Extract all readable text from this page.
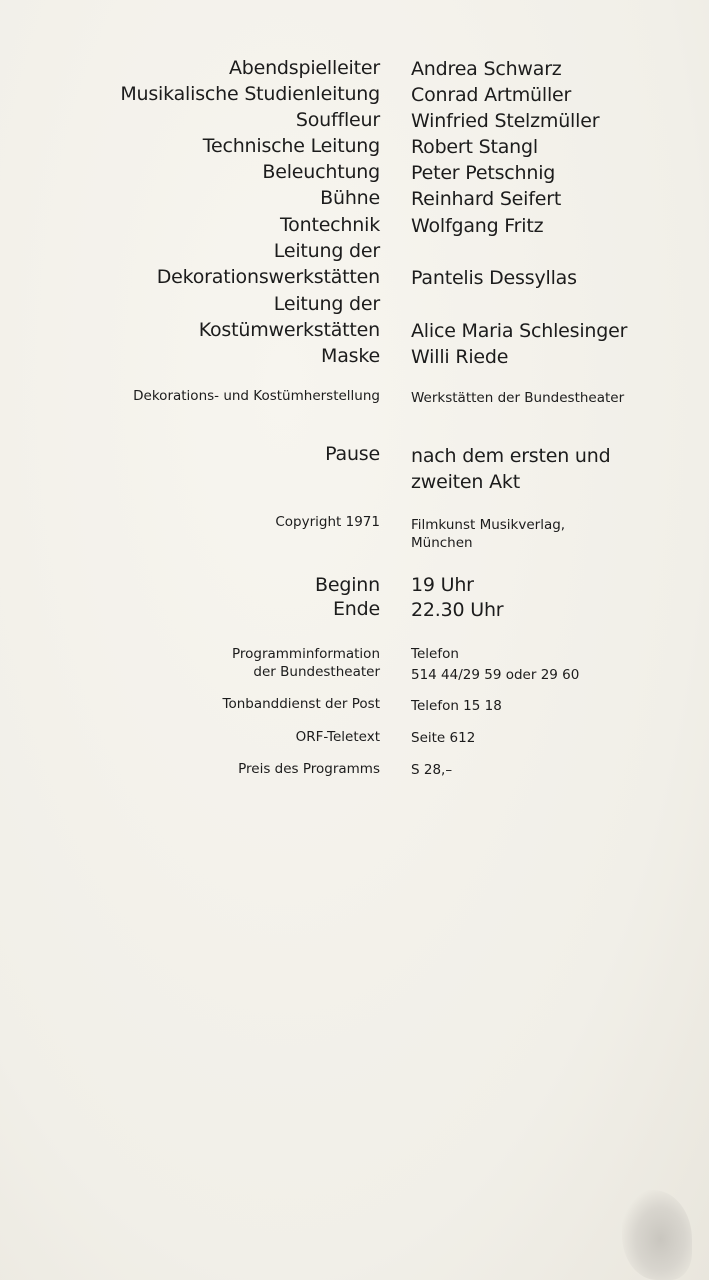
Abendspielleiter Andrea Schwarz
Musikalische Studienleitung Conrad Artmüller
Souffleur Winfried Stelzmüller
Technische Leitung Robert Stangl
Beleuchtung Peter Petschnig
Bühne Reinhard Seifert
Tontechnik Wolfgang Fritz
Leitung der
Dekorationswerkstätten Pantelis Dessyllas
Leitung der
Kostümwerkstätten Alice Maria Schlesinger
Maske Willi Riede
Dekorations- und Kostümherstellung Werkstätten der Bundestheater
Pause nach dem ersten und
zweiten Akt
Copyright 1971 Filmkunst Musikverlag,
München
Beginn 19 Uhr
Ende 22.30 Uhr
Programminformation
der Bundestheater
Telefon
514 44/29 59 oder 29 60
Tonbanddienst der Post Telefon 15 18
ORF-Teletext Seite 612
Preis des Programms S 28,–
